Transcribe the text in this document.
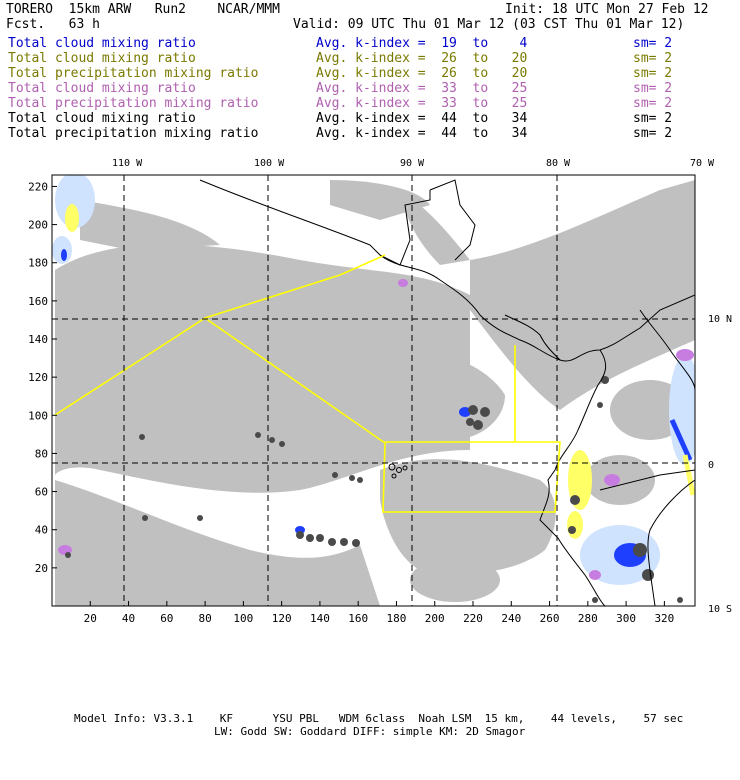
TORERO  15km ARW   Run2    NCAR/MMM	Init: 18 UTC Mon 27 Feb 12
Fcst.   63 h	Valid: 09 UTC Thu 01 Mar 12 (03 CST Thu 01 Mar 12)
Total cloud mixing ratio	Avg. k-index =  19  to    4	sm= 2
Total cloud mixing ratio	Avg. k-index =  26  to   20	sm= 2
Total precipitation mixing ratio	Avg. k-index =  26  to   20	sm= 2
Total cloud mixing ratio	Avg. k-index =  33  to   25	sm= 2
Total precipitation mixing ratio	Avg. k-index =  33  to   25	sm= 2
Total cloud mixing ratio	Avg. k-index =  44  to   34	sm= 2
Total precipitation mixing ratio	Avg. k-index =  44  to   34	sm= 2
110 W	100 W	90 W	80 W	70 W
10 N
0
10 S
220
200
180
160
140
120
100
80
60
40
20
20 40 60 80 100 120 140 160 180 200 220 240 260 280 300 320
Model Info: V3.3.1    KF      YSU PBL   WDM 6class  Noah LSM  15 km,    44 levels,    57 sec
LW: Godd SW: Goddard DIFF: simple KM: 2D Smagor
